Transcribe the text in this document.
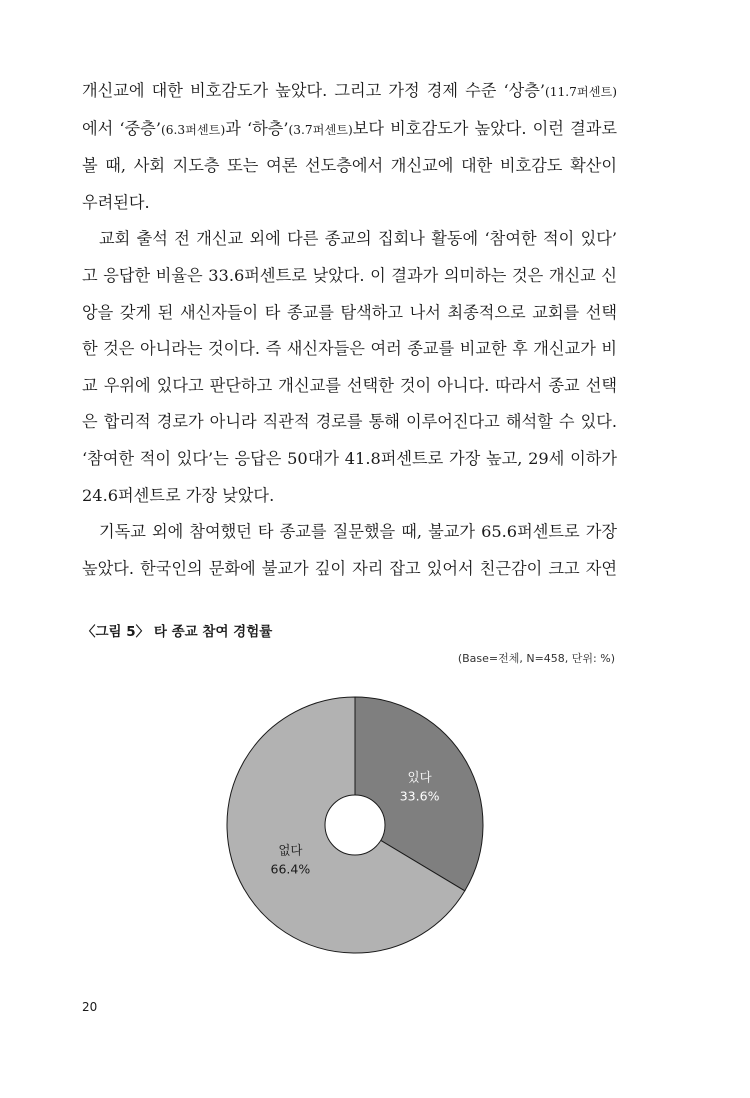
개신교에 대한 비호감도가 높았다. 그리고 가정 경제 수준 ‘상층’(11.7퍼센트)

에서 ‘중층’(6.3퍼센트)과 ‘하층’(3.7퍼센트)보다 비호감도가 높았다. 이런 결과로

볼 때, 사회 지도층 또는 여론 선도층에서 개신교에 대한 비호감도 확산이

우려된다.

교회 출석 전 개신교 외에 다른 종교의 집회나 활동에 ‘참여한 적이 있다’

고 응답한 비율은 33.6퍼센트로 낮았다. 이 결과가 의미하는 것은 개신교 신

앙을 갖게 된 새신자들이 타 종교를 탐색하고 나서 최종적으로 교회를 선택

한 것은 아니라는 것이다. 즉 새신자들은 여러 종교를 비교한 후 개신교가 비

교 우위에 있다고 판단하고 개신교를 선택한 것이 아니다. 따라서 종교 선택

은 합리적 경로가 아니라 직관적 경로를 통해 이루어진다고 해석할 수 있다.

‘참여한 적이 있다’는 응답은 50대가 41.8퍼센트로 가장 높고, 29세 이하가

24.6퍼센트로 가장 낮았다.

기독교 외에 참여했던 타 종교를 질문했을 때, 불교가 65.6퍼센트로 가장

높았다. 한국인의 문화에 불교가 깊이 자리 잡고 있어서 친근감이 크고 자연

〈그림 5〉 타 종교 참여 경험률
(Base=전체, N=458, 단위: %)
있다
33.6%
없다
66.4%
20
